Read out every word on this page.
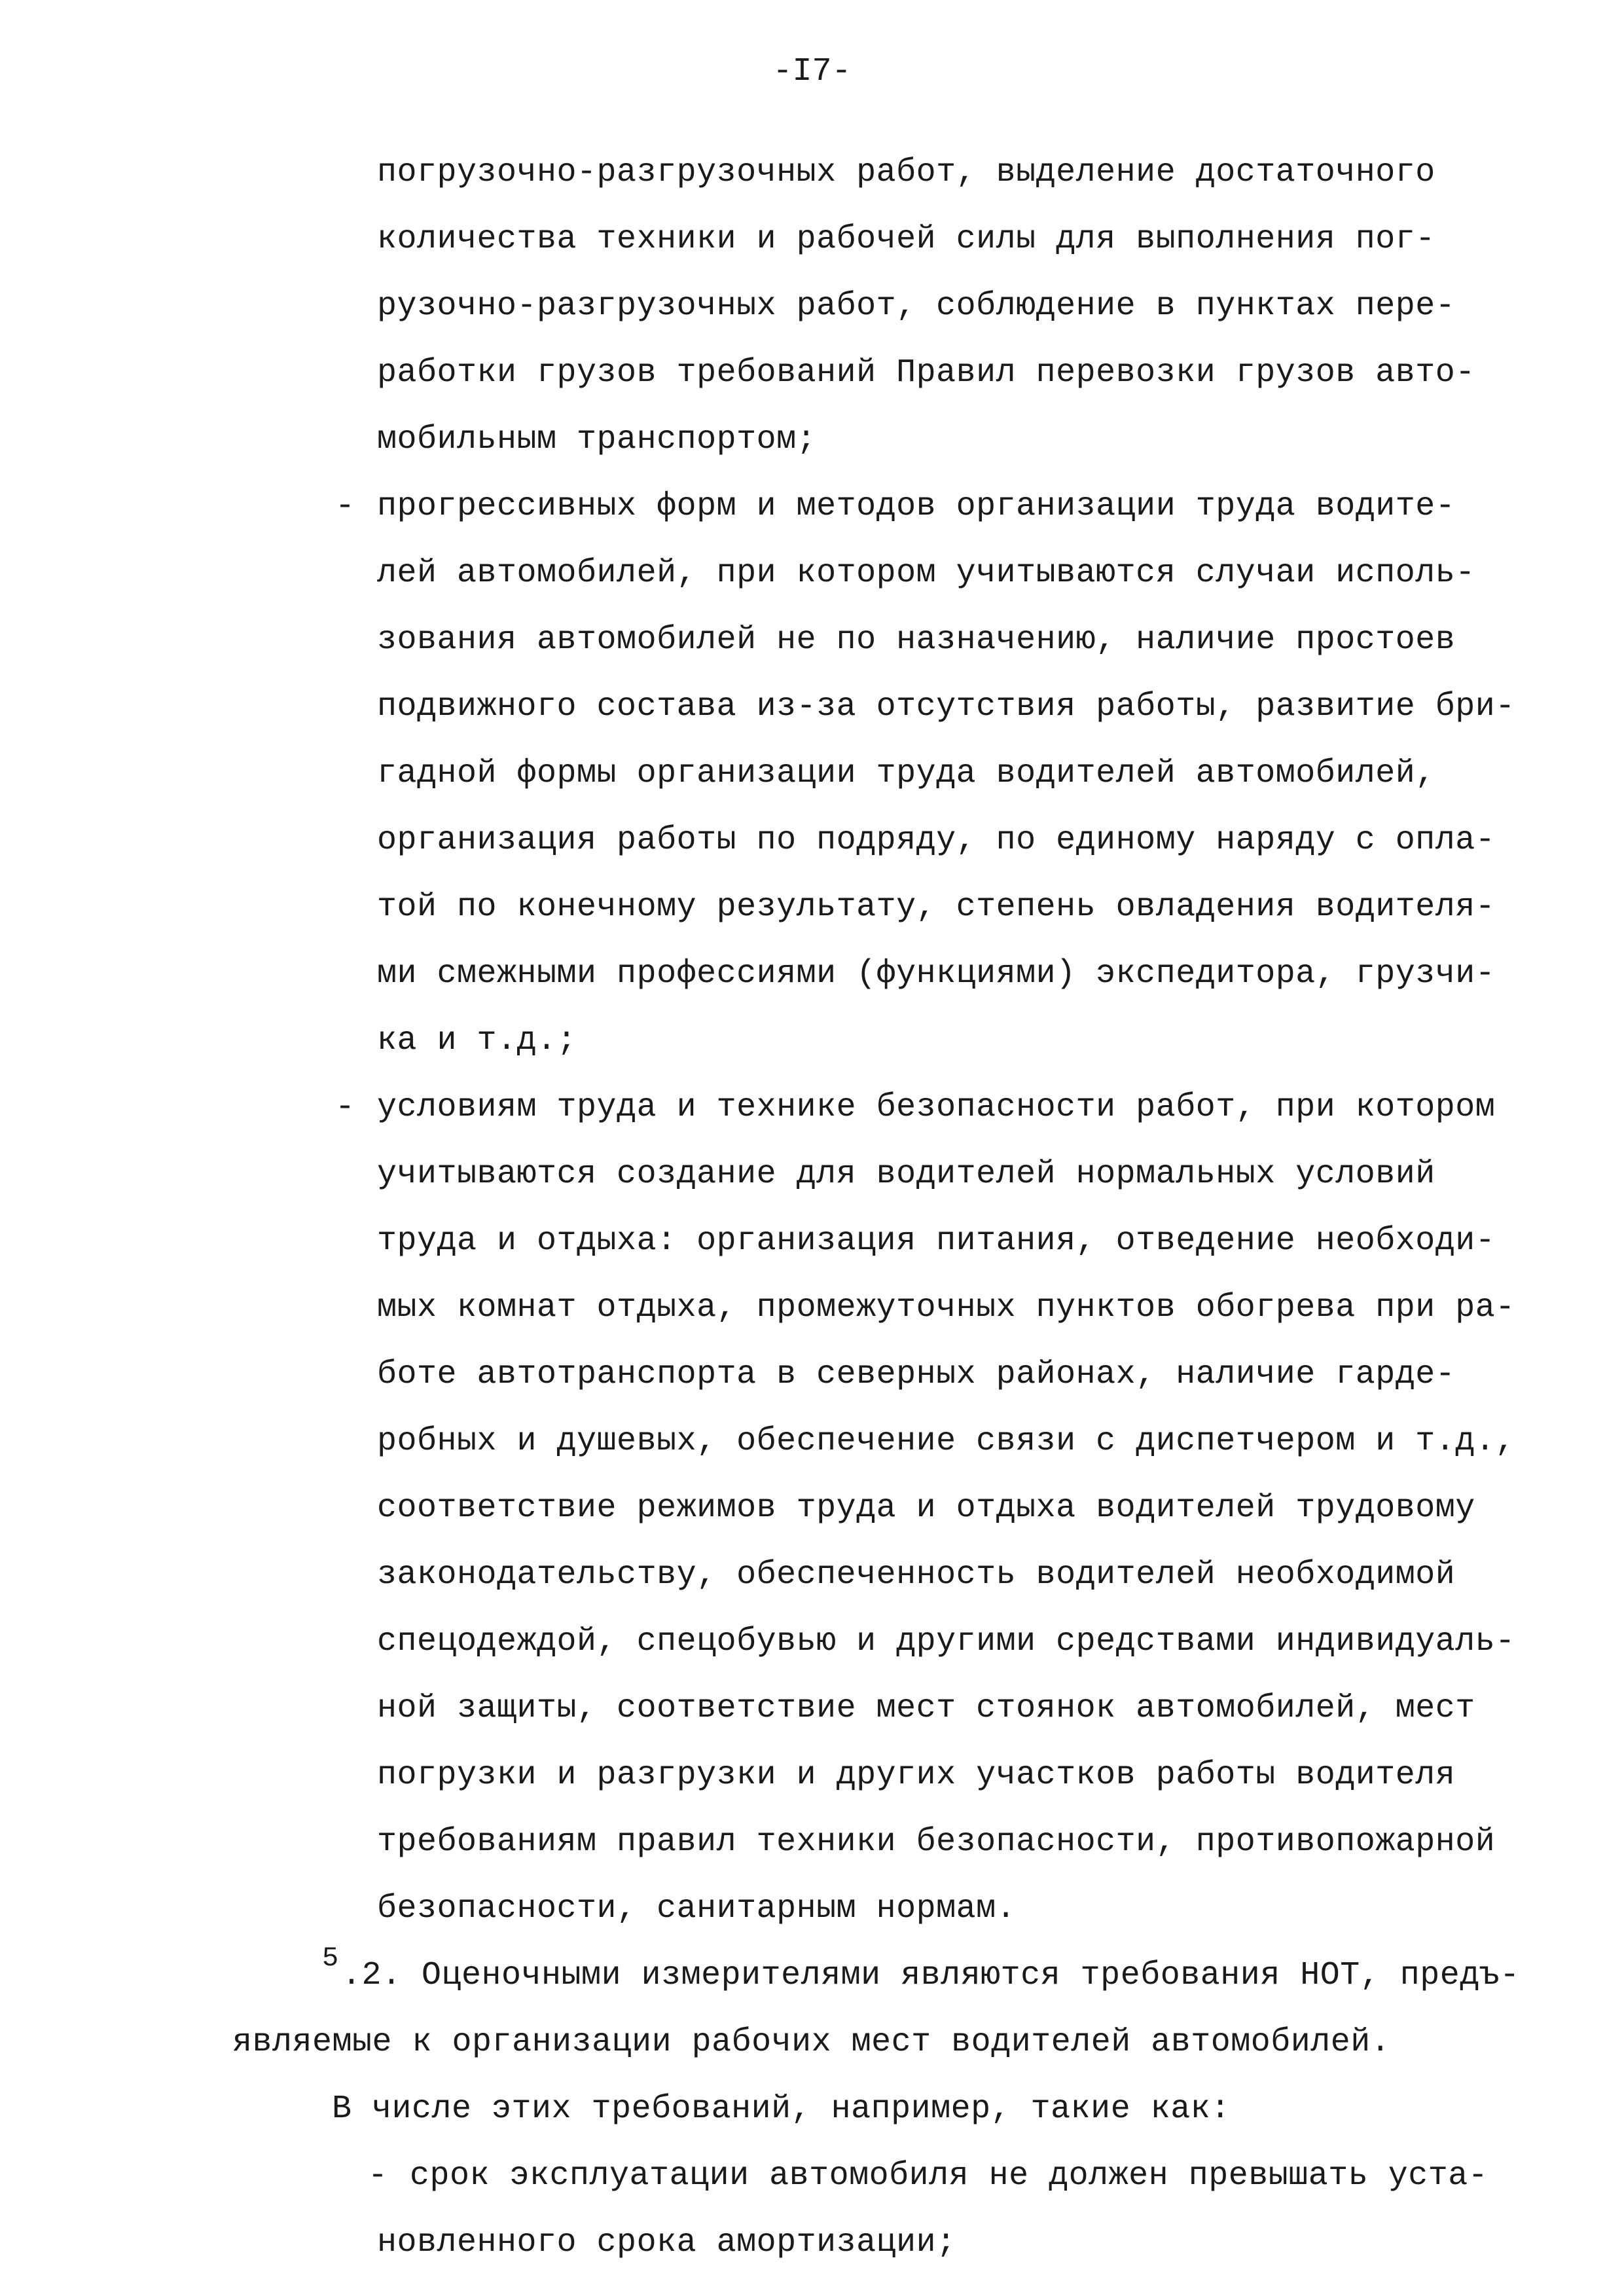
-I7-
погрузочно-разгрузочных работ, выделение достаточного
количества техники и рабочей силы для выполнения пог-
рузочно-разгрузочных работ, соблюдение в пунктах пере-
работки грузов требований Правил перевозки грузов авто-
мобильным транспортом;
- прогрессивных форм и методов организации труда водите-
лей автомобилей, при котором учитываются случаи исполь-
зования автомобилей не по назначению, наличие простоев
подвижного состава из-за отсутствия работы, развитие бри-
гадной формы организации труда водителей автомобилей,
организация работы по подряду, по единому наряду с опла-
той по конечному результату, степень овладения водителя-
ми смежными профессиями (функциями) экспедитора, грузчи-
ка и т.д.;
- условиям труда и технике безопасности работ, при котором
учитываются создание для водителей нормальных условий
труда и отдыха: организация питания, отведение необходи-
мых комнат отдыха, промежуточных пунктов обогрева при ра-
боте автотранспорта в северных районах, наличие гарде-
робных и душевых, обеспечение связи с диспетчером и т.д.,
соответствие режимов труда и отдыха водителей трудовому
законодательству, обеспеченность водителей необходимой
спецодеждой, спецобувью и другими средствами индивидуаль-
ной защиты, соответствие мест стоянок автомобилей, мест
погрузки и разгрузки и других участков работы водителя
требованиям правил техники безопасности, противопожарной
безопасности, санитарным нормам.
5 .2. Оценочными измерителями являются требования НОТ, предъ-
являемые к организации рабочих мест водителей автомобилей.
В числе этих требований, например, такие как:
- срок эксплуатации автомобиля не должен превышать уста-
новленного срока амортизации;
